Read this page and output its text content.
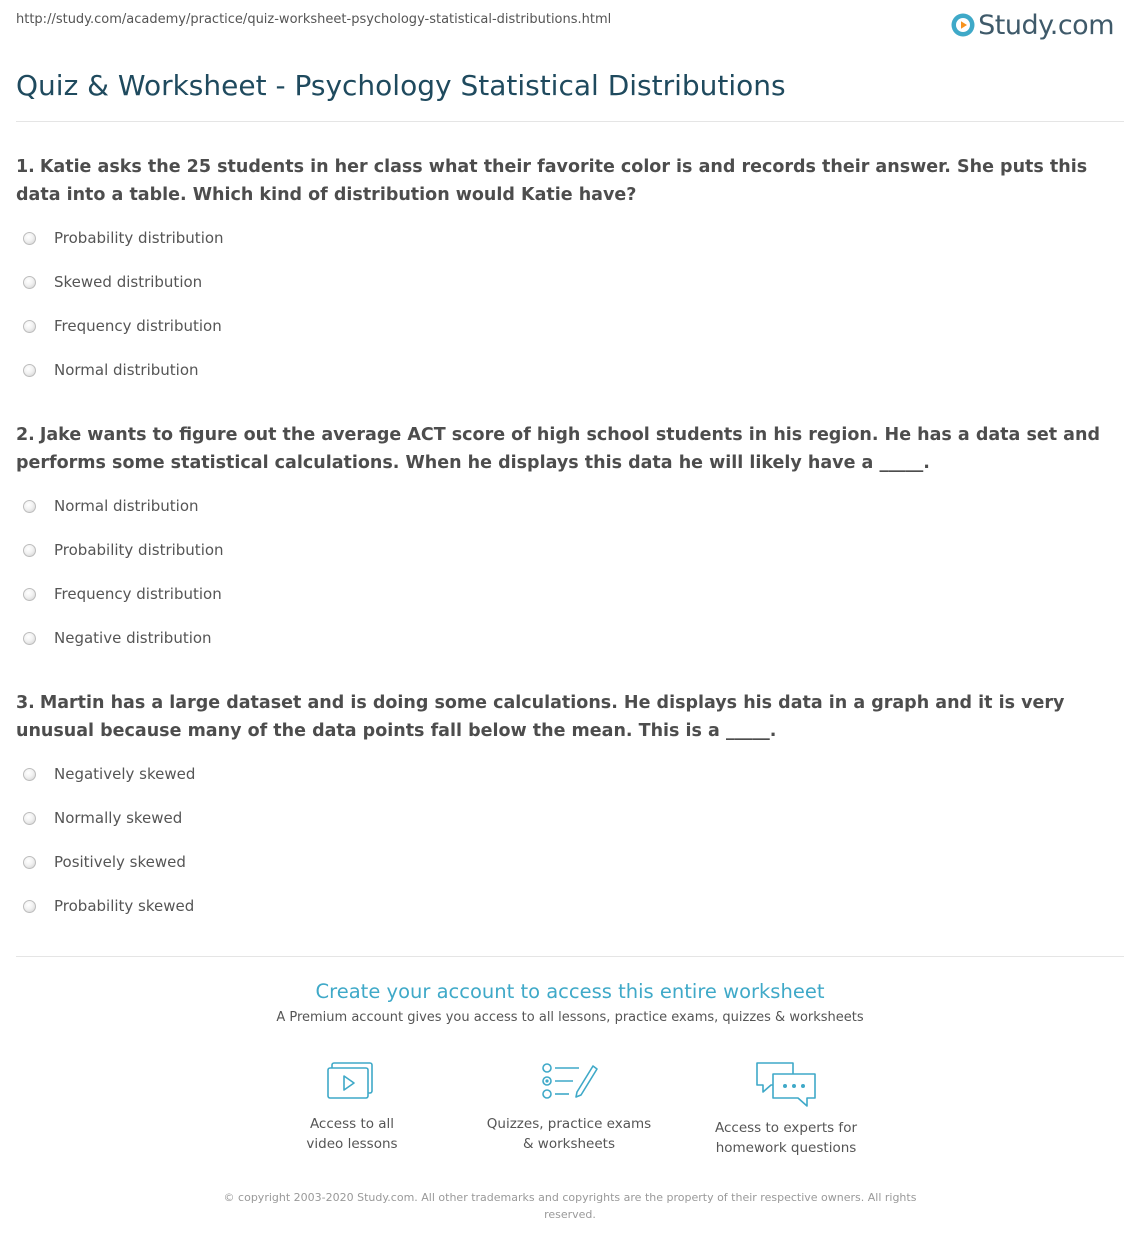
http://study.com/academy/practice/quiz-worksheet-psychology-statistical-distributions.html	Study.com
Quiz & Worksheet - Psychology Statistical Distributions

1. Katie asks the 25 students in her class what their favorite color is and records their answer. She puts this data into a table. Which kind of distribution would Katie have?

Probability distribution
Skewed distribution
Frequency distribution
Normal distribution

2. Jake wants to figure out the average ACT score of high school students in his region. He has a data set and performs some statistical calculations. When he displays this data he will likely have a _____.

Normal distribution
Probability distribution
Frequency distribution
Negative distribution

3. Martin has a large dataset and is doing some calculations. He displays his data in a graph and it is very unusual because many of the data points fall below the mean. This is a _____.

Negatively skewed
Normally skewed
Positively skewed
Probability skewed
Create your account to access this entire worksheet
A Premium account gives you access to all lessons, practice exams, quizzes & worksheets
Access to all
video lessons
Quizzes, practice exams
& worksheets
Access to experts for
homework questions
© copyright 2003-2020 Study.com. All other trademarks and copyrights are the property of their respective owners. All rights reserved.
